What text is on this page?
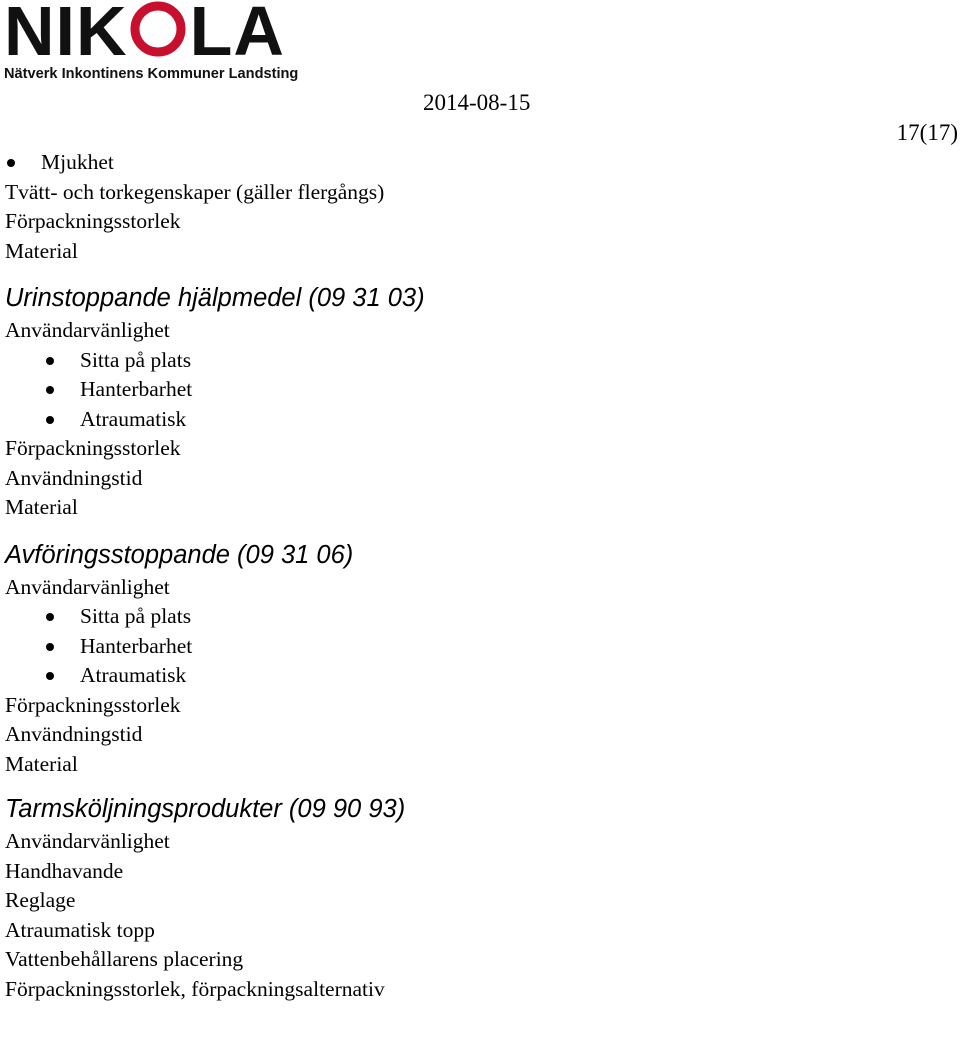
NIK LA
Nätverk Inkontinens Kommuner Landsting
2014-08-15
17(17)
Mjukhet
Tvätt- och torkegenskaper (gäller flergångs)
Förpackningsstorlek
Material
Urinstoppande hjälpmedel (09 31 03)
Användarvänlighet
Sitta på plats
Hanterbarhet
Atraumatisk
Förpackningsstorlek
Användningstid
Material
Avföringsstoppande (09 31 06)
Användarvänlighet
Sitta på plats
Hanterbarhet
Atraumatisk
Förpackningsstorlek
Användningstid
Material
Tarmsköljningsprodukter (09 90 93)
Användarvänlighet
Handhavande
Reglage
Atraumatisk topp
Vattenbehållarens placering
Förpackningsstorlek, förpackningsalternativ
